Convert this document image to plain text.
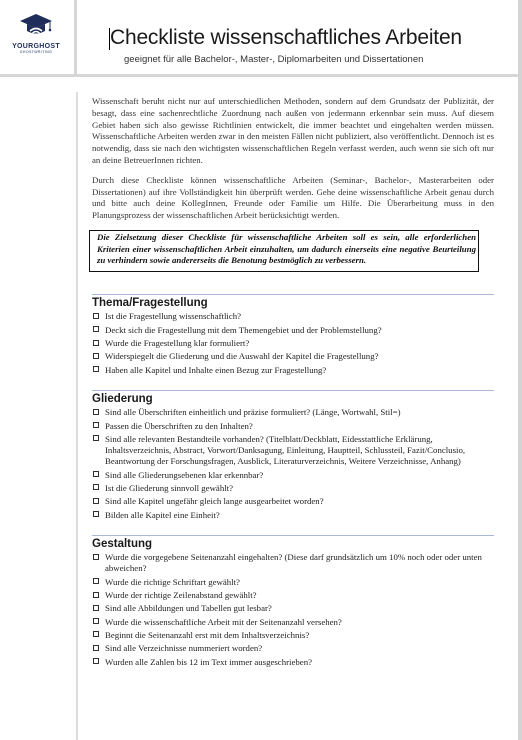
YOURGHOST
GHOSTWRITING
Checkliste wissenschaftliches Arbeiten
geeignet für alle Bachelor-, Master-, Diplomarbeiten und Dissertationen

Wissenschaft beruht nicht nur auf unterschiedlichen Methoden, sondern auf dem Grundsatz der Publizität, der besagt, dass eine sachenrechtliche Zuordnung nach außen von jedermann erkennbar sein muss. Auf diesem Gebiet haben sich also gewisse Richtlinien entwickelt, die immer beachtet und eingehalten werden müssen. Wissenschaftliche Arbeiten werden zwar in den meisten Fällen nicht publiziert, also veröffentlicht. Dennoch ist es notwendig, dass sie nach den wichtigsten wissenschaftlichen Regeln verfasst werden, auch wenn sie sich oft nur an deine BetreuerInnen richten.

Durch diese Checkliste können wissenschaftliche Arbeiten (Seminar-, Bachelor-, Masterarbeiten oder Dissertationen) auf ihre Vollständigkeit hin überprüft werden. Gehe deine wissenschaftliche Arbeit genau durch und bitte auch deine KollegInnen, Freunde oder Familie um Hilfe. Die Überarbeitung muss in den Planungsprozess der wissenschaftlichen Arbeit berücksichtigt werden.

Die Zielsetzung dieser Checkliste für wissenschaftliche Arbeiten soll es sein, alle erforderlichen Kriterien einer wissenschaftlichen Arbeit einzuhalten, um dadurch einerseits eine negative Beurteilung zu verhindern sowie andererseits die Benotung bestmöglich zu verbessern.

Thema/Fragestellung
Ist die Fragestellung wissenschaftlich?
Deckt sich die Fragestellung mit dem Themengebiet und der Problemstellung?
Wurde die Fragestellung klar formuliert?
Widerspiegelt die Gliederung und die Auswahl der Kapitel die Fragestellung?
Haben alle Kapitel und Inhalte einen Bezug zur Fragestellung?
Gliederung
Sind alle Überschriften einheitlich und präzise formuliert? (Länge, Wortwahl, Stil=)
Passen die Überschriften zu den Inhalten?
Sind alle relevanten Bestandteile vorhanden? (Titelblatt/Deckblatt, Eidesstattliche Erklärung, Inhaltsverzeichnis, Abstract, Vorwort/Danksagung, Einleitung, Hauptteil, Schlussteil, Fazit/Conclusio, Beantwortung der Forschungsfragen, Ausblick, Literaturverzeichnis, Weitere Verzeichnisse, Anhang)
Sind alle Gliederungsebenen klar erkennbar?
Ist die Gliederung sinnvoll gewählt?
Sind alle Kapitel ungefähr gleich lange ausgearbeitet worden?
Bilden alle Kapitel eine Einheit?
Gestaltung
Wurde die vorgegebene Seitenanzahl eingehalten? (Diese darf grundsätzlich um 10% noch oder oder unten abweichen?
Wurde die richtige Schriftart gewählt?
Wurde der richtige Zeilenabstand gewählt?
Sind alle Abbildungen und Tabellen gut lesbar?
Wurde die wissenschaftliche Arbeit mit der Seitenanzahl versehen?
Beginnt die Seitenanzahl erst mit dem Inhaltsverzeichnis?
Sind alle Verzeichnisse nummeriert worden?
Wurden alle Zahlen bis 12 im Text immer ausgeschrieben?
